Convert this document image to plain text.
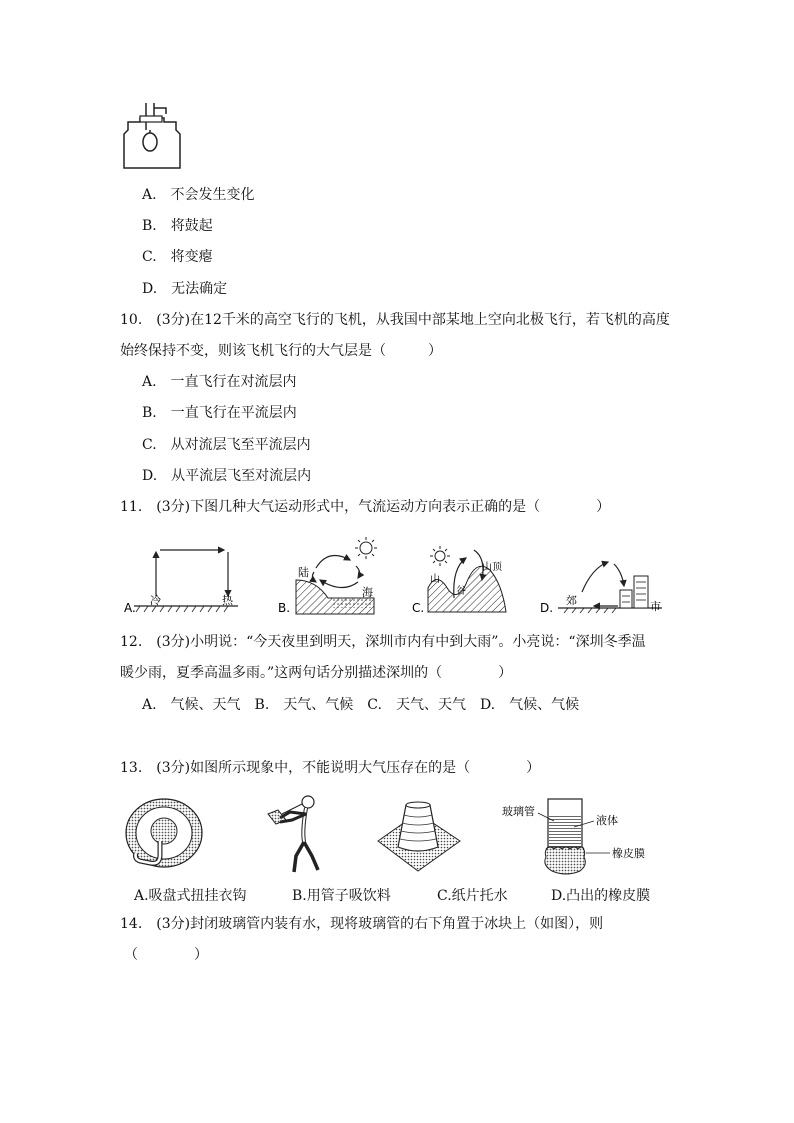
A.　不会发生变化
B.　将鼓起
C.　将变瘪
D.　无法确定
10.　(3分)在12千米的高空飞行的飞机，从我国中部某地上空向北极飞行，若飞机的高度
始终保持不变，则该飞机飞行的大气层是（　　　）
A.　一直飞行在对流层内
B.　一直飞行在平流层内
C.　从对流层飞至平流层内
D.　从平流层飞至对流层内
11.　(3分)下图几种大气运动形式中，气流运动方向表示正确的是（　　　　）
A.
冷	热
B.
陆
海
C.
山
谷
山顶
D.
郊	市
12.　(3分)小明说：“今天夜里到明天，深圳市内有中到大雨”。小亮说：“深圳冬季温
暖少雨，夏季高温多雨。”这两句话分别描述深圳的（　　　　）
A.　气候、天气　B.　天气、气候　C.　天气、天气　D.　气候、气候
13.　(3分)如图所示现象中，不能说明大气压存在的是（　　　　）
玻璃管
液体
橡皮膜
A.吸盘式扭挂衣钩	B.用管子吸饮料	C.纸片托水	D.凸出的橡皮膜
14.　(3分)封闭玻璃管内装有水，现将玻璃管的右下角置于冰块上（如图），则
（　　　　）
